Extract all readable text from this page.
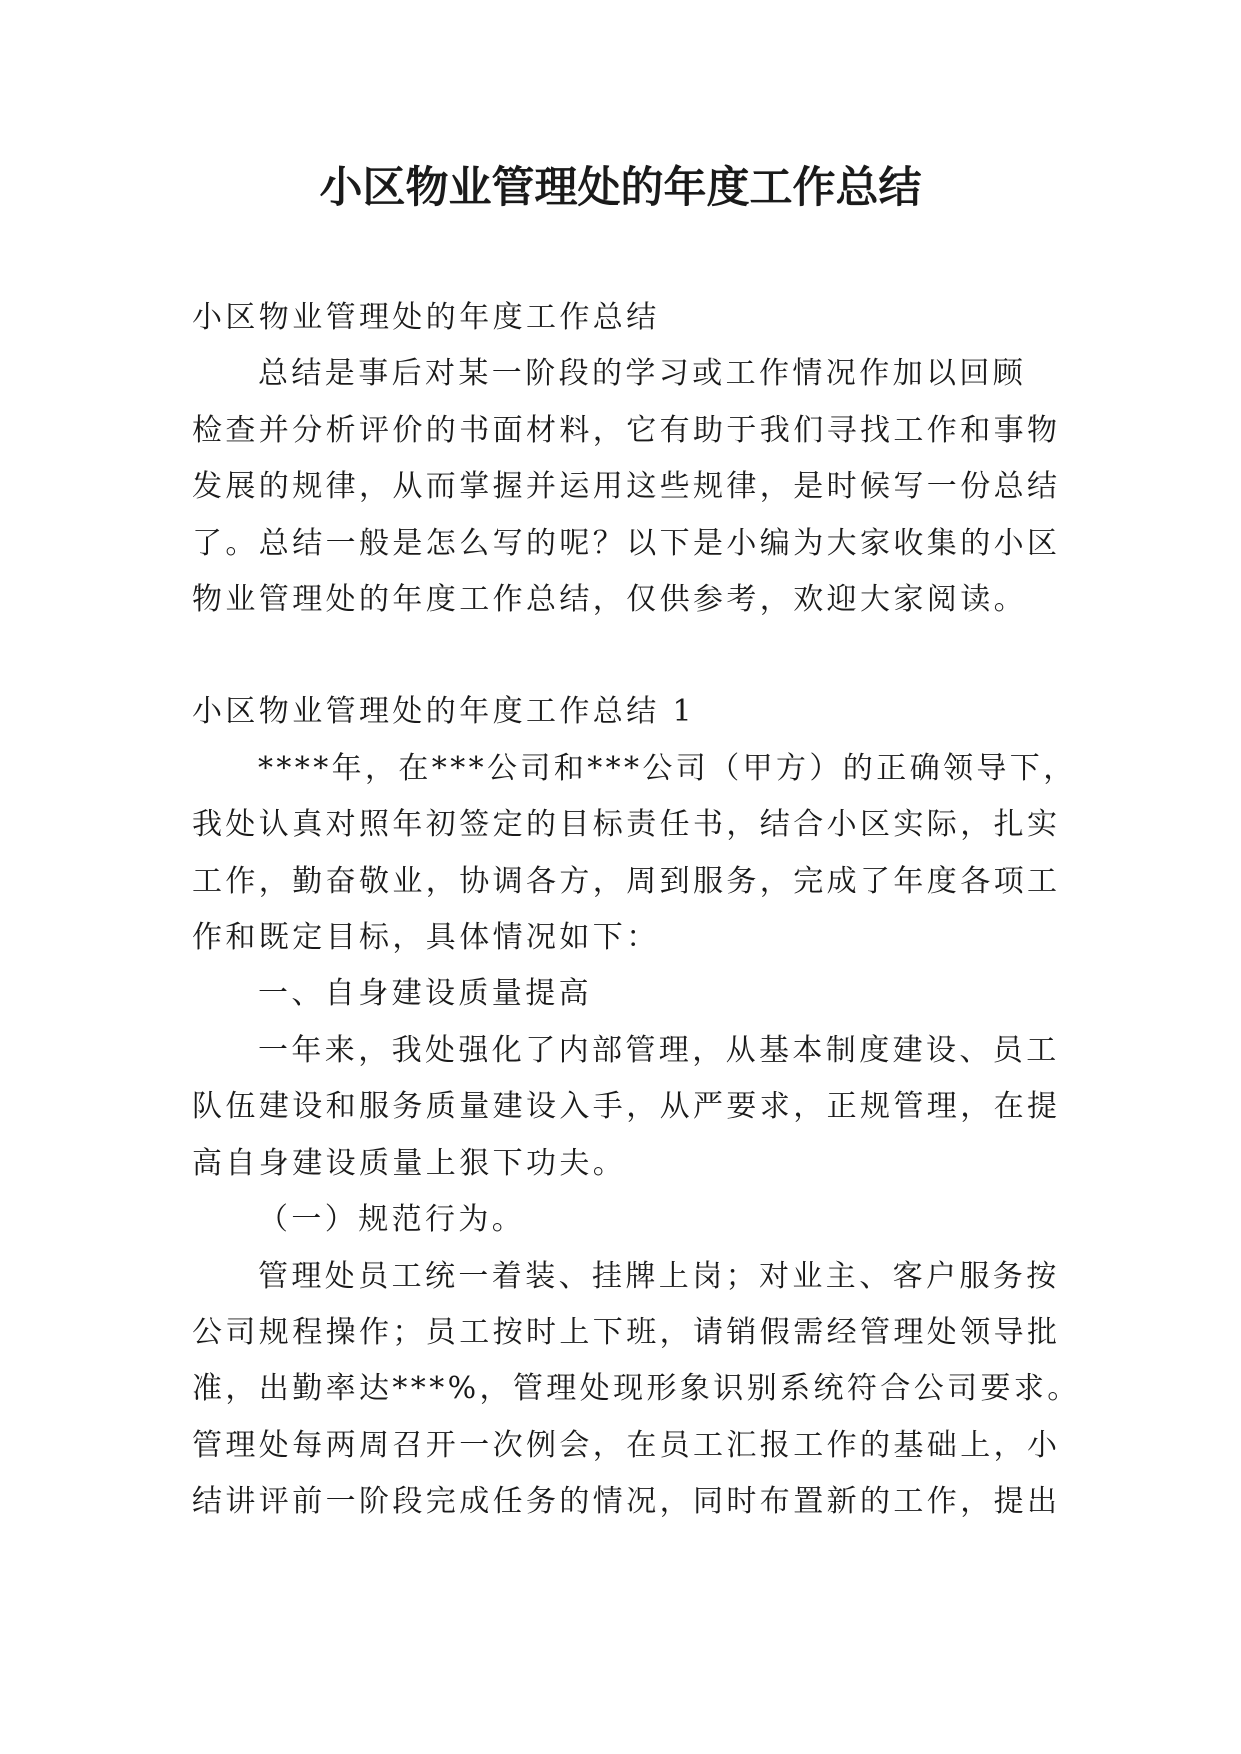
小区物业管理处的年度工作总结

小区物业管理处的年度工作总结

总结是事后对某一阶段的学习或工作情况作加以回顾

检查并分析评价的书面材料，它有助于我们寻找工作和事物

发展的规律，从而掌握并运用这些规律，是时候写一份总结

了。总结一般是怎么写的呢？以下是小编为大家收集的小区

物业管理处的年度工作总结，仅供参考，欢迎大家阅读。

小区物业管理处的年度工作总结 1

****年，在***公司和***公司（甲方）的正确领导下，

我处认真对照年初签定的目标责任书，结合小区实际，扎实

工作，勤奋敬业，协调各方，周到服务，完成了年度各项工

作和既定目标，具体情况如下：

一、自身建设质量提高

一年来，我处强化了内部管理，从基本制度建设、员工

队伍建设和服务质量建设入手，从严要求，正规管理，在提

高自身建设质量上狠下功夫。

（一）规范行为。

管理处员工统一着装、挂牌上岗；对业主、客户服务按

公司规程操作；员工按时上下班，请销假需经管理处领导批

准，出勤率达***%，管理处现形象识别系统符合公司要求。

管理处每两周召开一次例会，在员工汇报工作的基础上，小

结讲评前一阶段完成任务的情况，同时布置新的工作，提出
